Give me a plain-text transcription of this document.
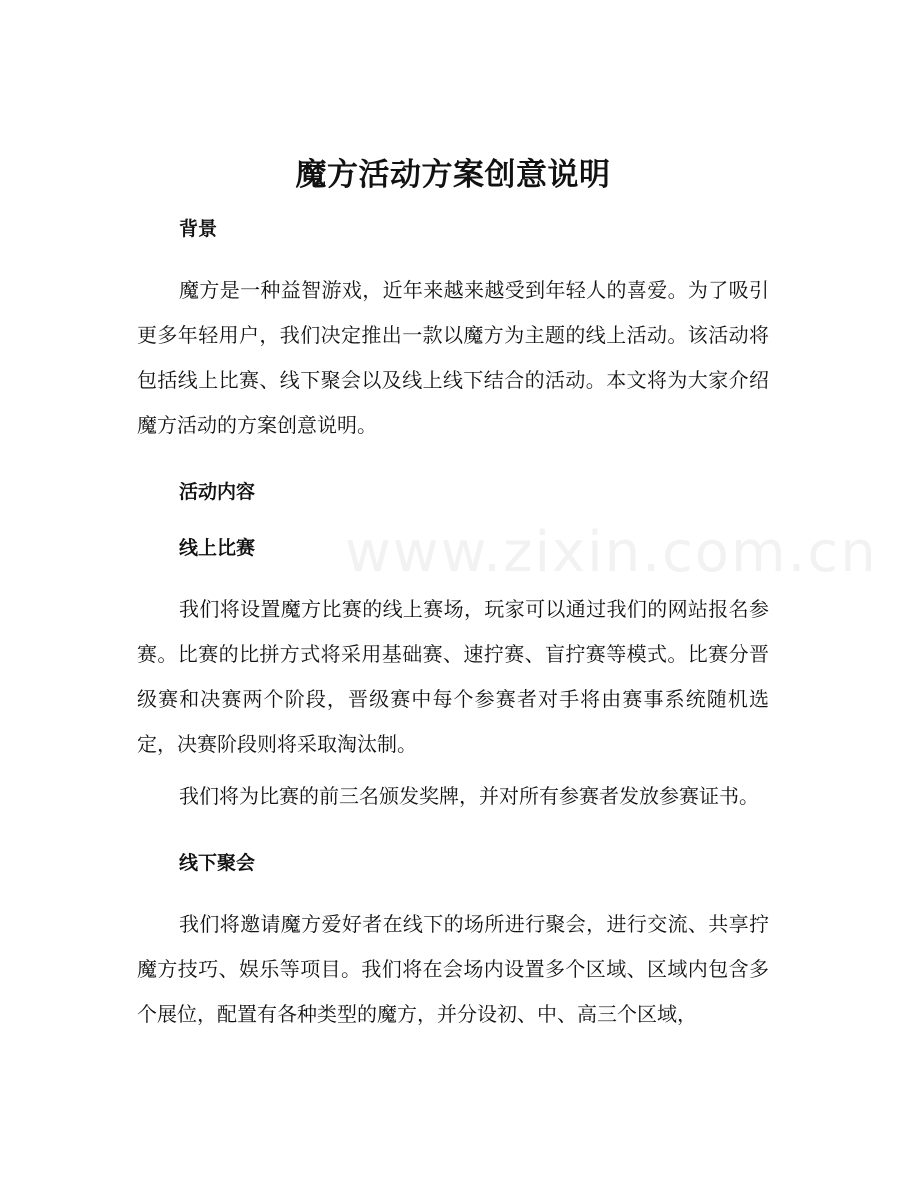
www.zixin.com.cn
魔方活动方案创意说明
背景

魔方是一种益智游戏，近年来越来越受到年轻人的喜爱。为了吸引更多年轻用户，我们决定推出一款以魔方为主题的线上活动。该活动将包括线上比赛、线下聚会以及线上线下结合的活动。本文将为大家介绍魔方活动的方案创意说明。

活动内容
线上比赛

我们将设置魔方比赛的线上赛场，玩家可以通过我们的网站报名参赛。比赛的比拼方式将采用基础赛、速拧赛、盲拧赛等模式。比赛分晋级赛和决赛两个阶段，晋级赛中每个参赛者对手将由赛事系统随机选定，决赛阶段则将采取淘汰制。

我们将为比赛的前三名颁发奖牌，并对所有参赛者发放参赛证书。

线下聚会

我们将邀请魔方爱好者在线下的场所进行聚会，进行交流、共享拧魔方技巧、娱乐等项目。我们将在会场内设置多个区域、区域内包含多个展位，配置有各种类型的魔方，并分设初、中、高三个区域，
